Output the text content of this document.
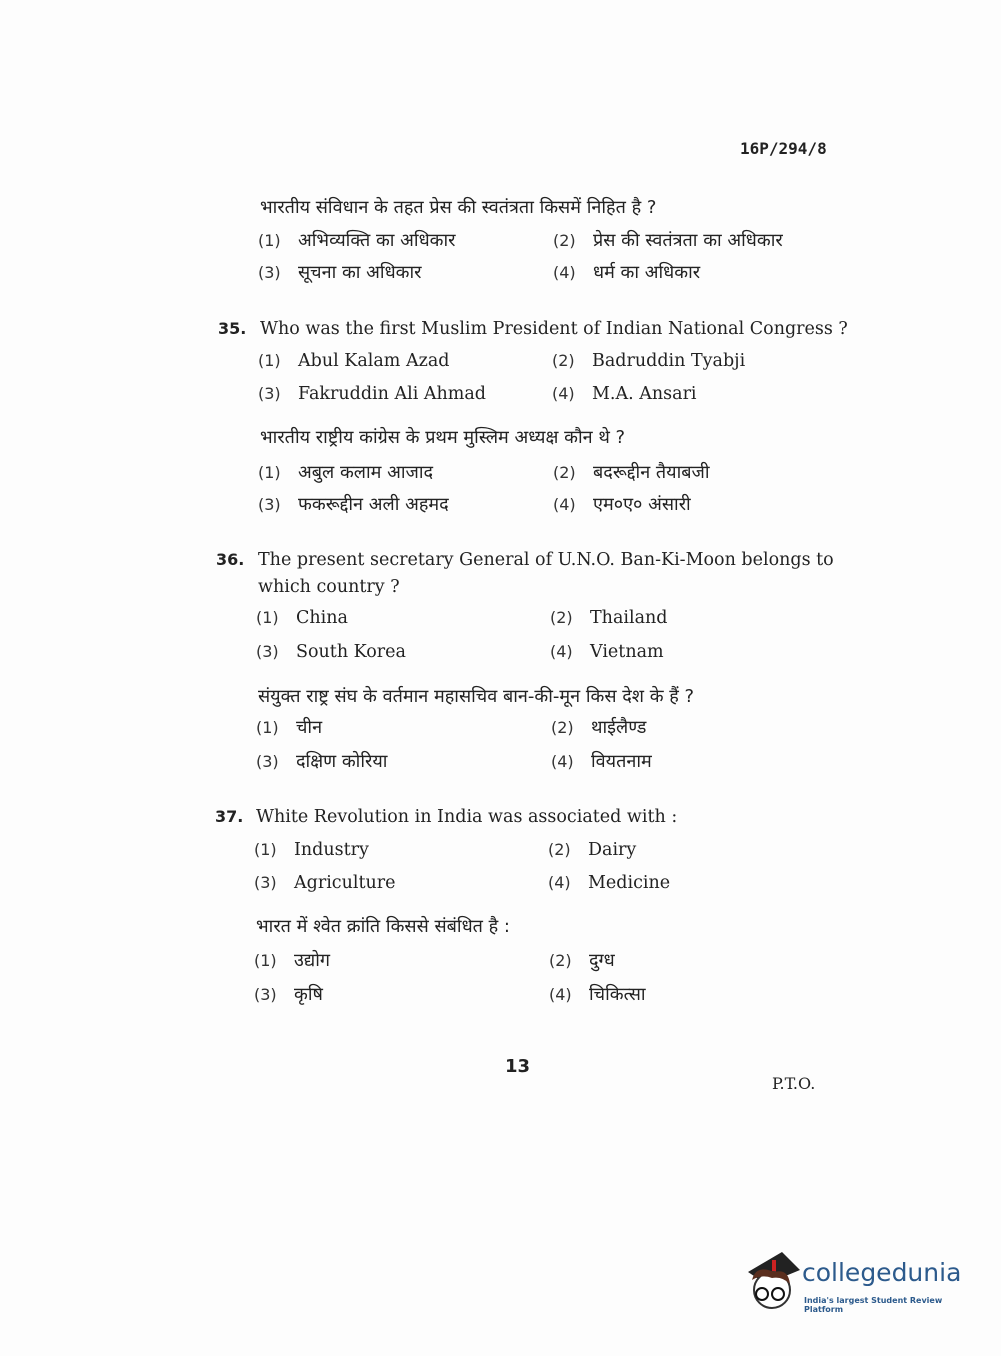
16P/294/8
भारतीय संविधान के तहत प्रेस की स्वतंत्रता किसमें निहित है ?
(1) अभिव्यक्ति का अधिकार	(2) प्रेस की स्वतंत्रता का अधिकार
(3) सूचना का अधिकार	(4) धर्म का अधिकार
35. Who was the first Muslim President of Indian National Congress ?
(1) Abul Kalam Azad	(2) Badruddin Tyabji
(3) Fakruddin Ali Ahmad	(4) M.A. Ansari
भारतीय राष्ट्रीय कांग्रेस के प्रथम मुस्लिम अध्यक्ष कौन थे ?
(1) अबुल कलाम आजाद	(2) बदरूद्दीन तैयाबजी
(3) फकरूद्दीन अली अहमद	(4) एम०ए० अंसारी
36. The present secretary General of U.N.O. Ban-Ki-Moon belongs to
which country ?
(1) China	(2) Thailand
(3) South Korea	(4) Vietnam
संयुक्त राष्ट्र संघ के वर्तमान महासचिव बान-की-मून किस देश के हैं ?
(1) चीन	(2) थाईलैण्ड
(3) दक्षिण कोरिया	(4) वियतनाम
37. White Revolution in India was associated with :
(1) Industry	(2) Dairy
(3) Agriculture	(4) Medicine
भारत में श्वेत क्रांति किससे संबंधित है :
(1) उद्योग	(2) दुग्ध
(3) कृषि	(4) चिकित्सा
13
P.T.O.
collegedunia
India's largest Student Review Platform
